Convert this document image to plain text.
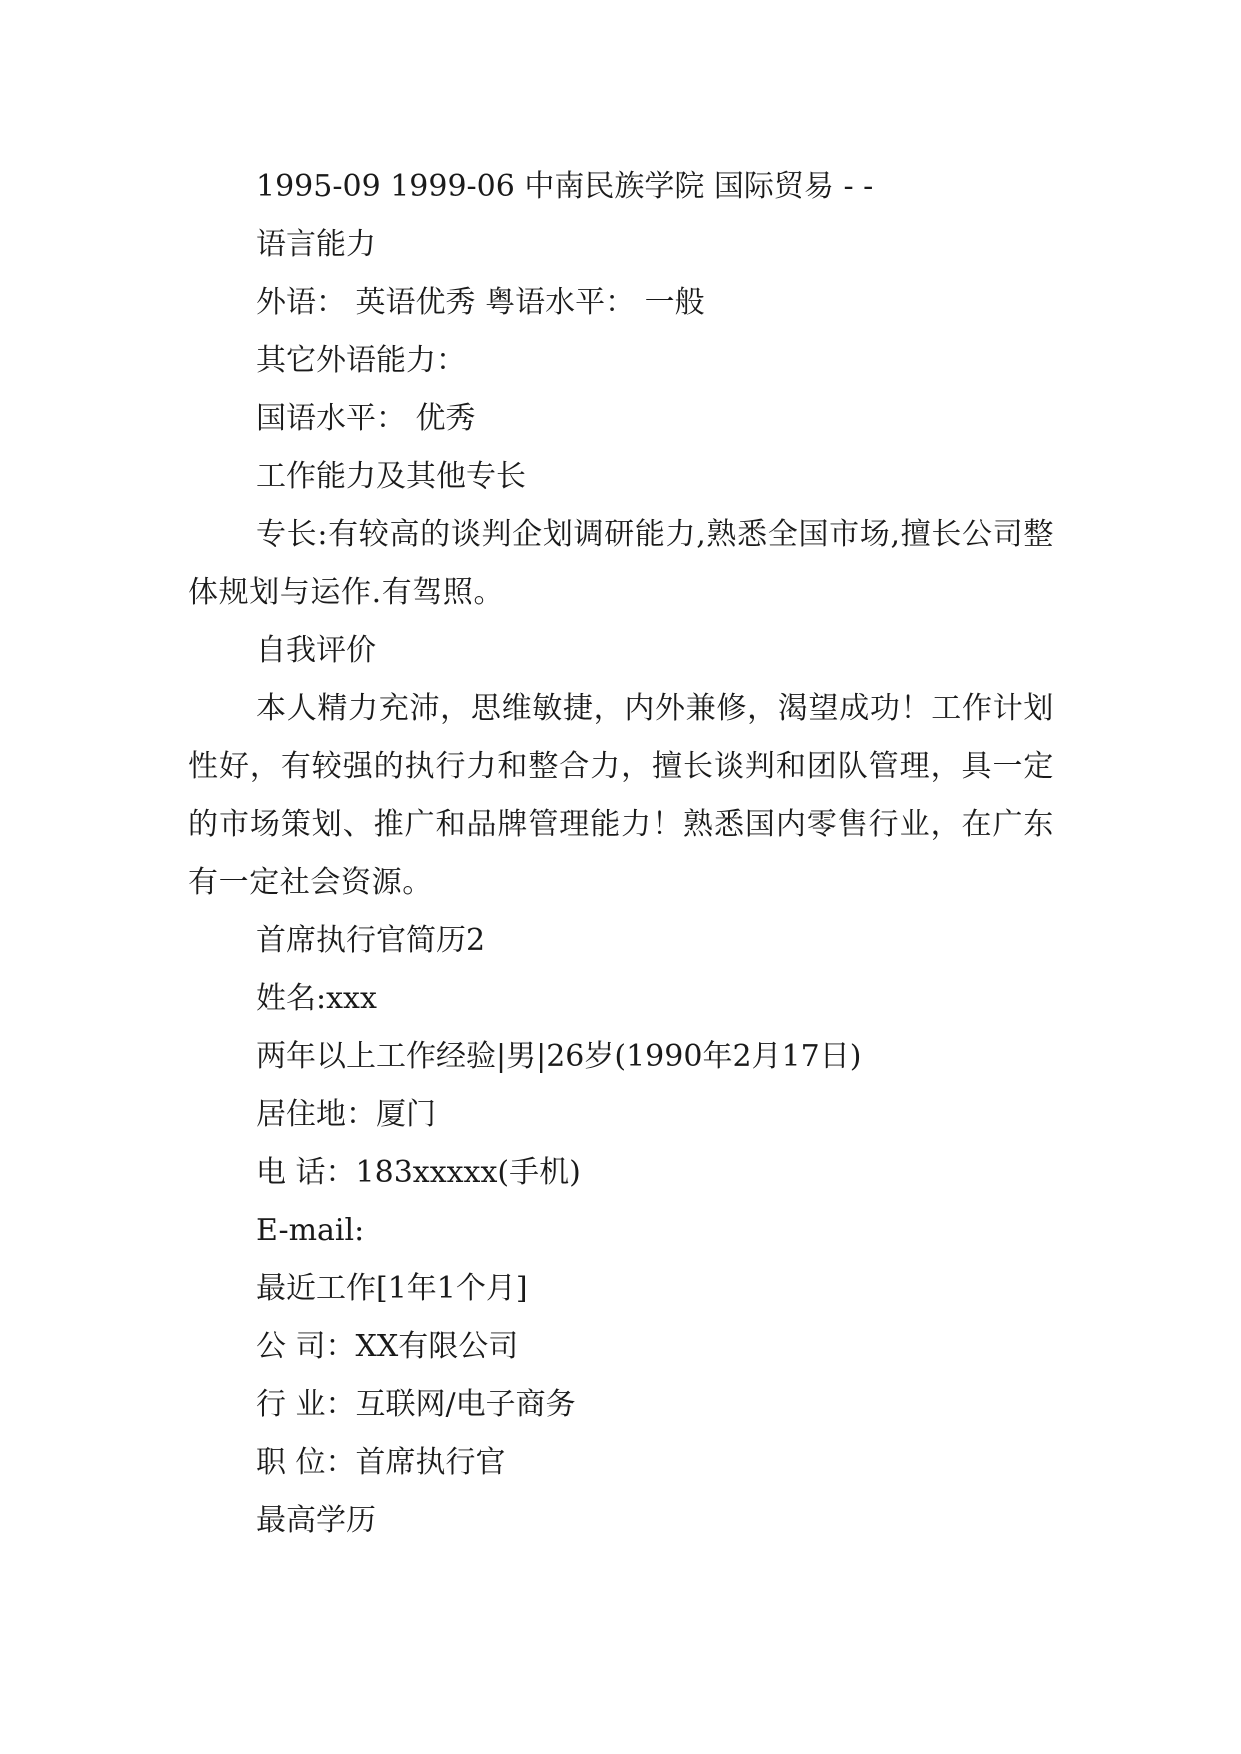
1995-09 1999-06 中南民族学院 国际贸易 - -
语言能力
外语： 英语优秀 粤语水平： 一般
其它外语能力：
国语水平： 优秀
工作能力及其他专长

专长:有较高的谈判企划调研能力,熟悉全国市场,擅长公司整体规划与运作.有驾照。

自我评价

本人精力充沛，思维敏捷，内外兼修，渴望成功！工作计划性好，有较强的执行力和整合力，擅长谈判和团队管理，具一定的市场策划、推广和品牌管理能力！熟悉国内零售行业，在广东有一定社会资源。

首席执行官简历2
姓名:xxx
两年以上工作经验|男|26岁(1990年2月17日)
居住地：厦门
电 话：183xxxxx(手机)
E-mail:
最近工作[1年1个月]
公 司：XX有限公司
行 业：互联网/电子商务
职 位：首席执行官
最高学历
